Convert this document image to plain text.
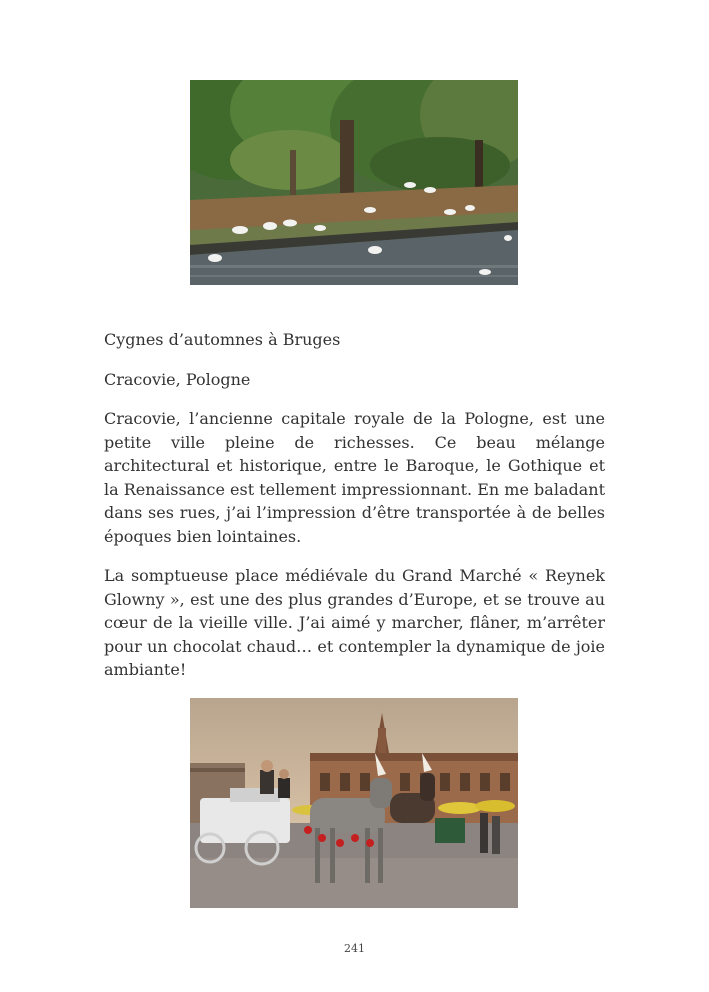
Cygnes d’automnes à Bruges

Cracovie, Pologne

Cracovie, l’ancienne capitale royale de la Pologne, est une petite ville pleine de richesses. Ce beau mélange architectural et historique, entre le Baroque, le Gothique et la Renaissance est tellement impressionnant. En me baladant dans ses rues, j’ai l’impression d’être transportée à de belles époques bien lointaines.

La somptueuse place médiévale du Grand Marché « Reynek Glowny », est une des plus grandes d’Europe, et se trouve au cœur de la vieille ville. J’ai aimé y marcher, flâner, m’arrêter pour un chocolat chaud… et contempler la dynamique de joie ambiante!

241
